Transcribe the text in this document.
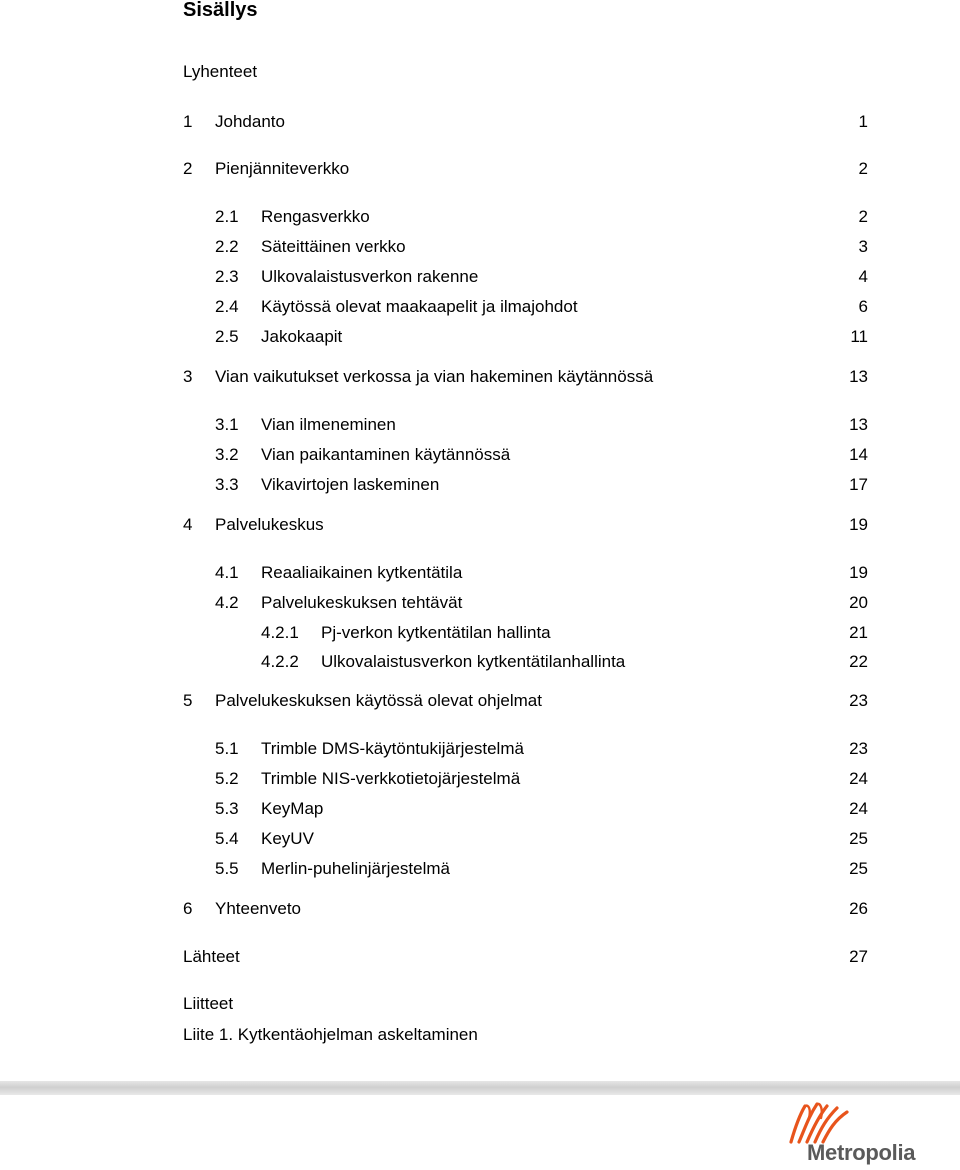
Sisällys
Lyhenteet
1 Johdanto	1
2 Pienjänniteverkko	2
2.1 Rengasverkko	2
2.2 Säteittäinen verkko	3
2.3 Ulkovalaistusverkon rakenne	4
2.4 Käytössä olevat maakaapelit ja ilmajohdot	6
2.5 Jakokaapit	11
3 Vian vaikutukset verkossa ja vian hakeminen käytännössä	13
3.1 Vian ilmeneminen	13
3.2 Vian paikantaminen käytännössä	14
3.3 Vikavirtojen laskeminen	17
4 Palvelukeskus	19
4.1 Reaaliaikainen kytkentätila	19
4.2 Palvelukeskuksen tehtävät	20
4.2.1 Pj-verkon kytkentätilan hallinta	21
4.2.2 Ulkovalaistusverkon kytkentätilanhallinta	22
5 Palvelukeskuksen käytössä olevat ohjelmat	23
5.1 Trimble DMS-käytöntukijärjestelmä	23
5.2 Trimble NIS-verkkotietojärjestelmä	24
5.3 KeyMap	24
5.4 KeyUV	25
5.5 Merlin-puhelinjärjestelmä	25
6 Yhteenveto	26
Lähteet	27
Liitteet
Liite 1. Kytkentäohjelman askeltaminen
Metropolia
